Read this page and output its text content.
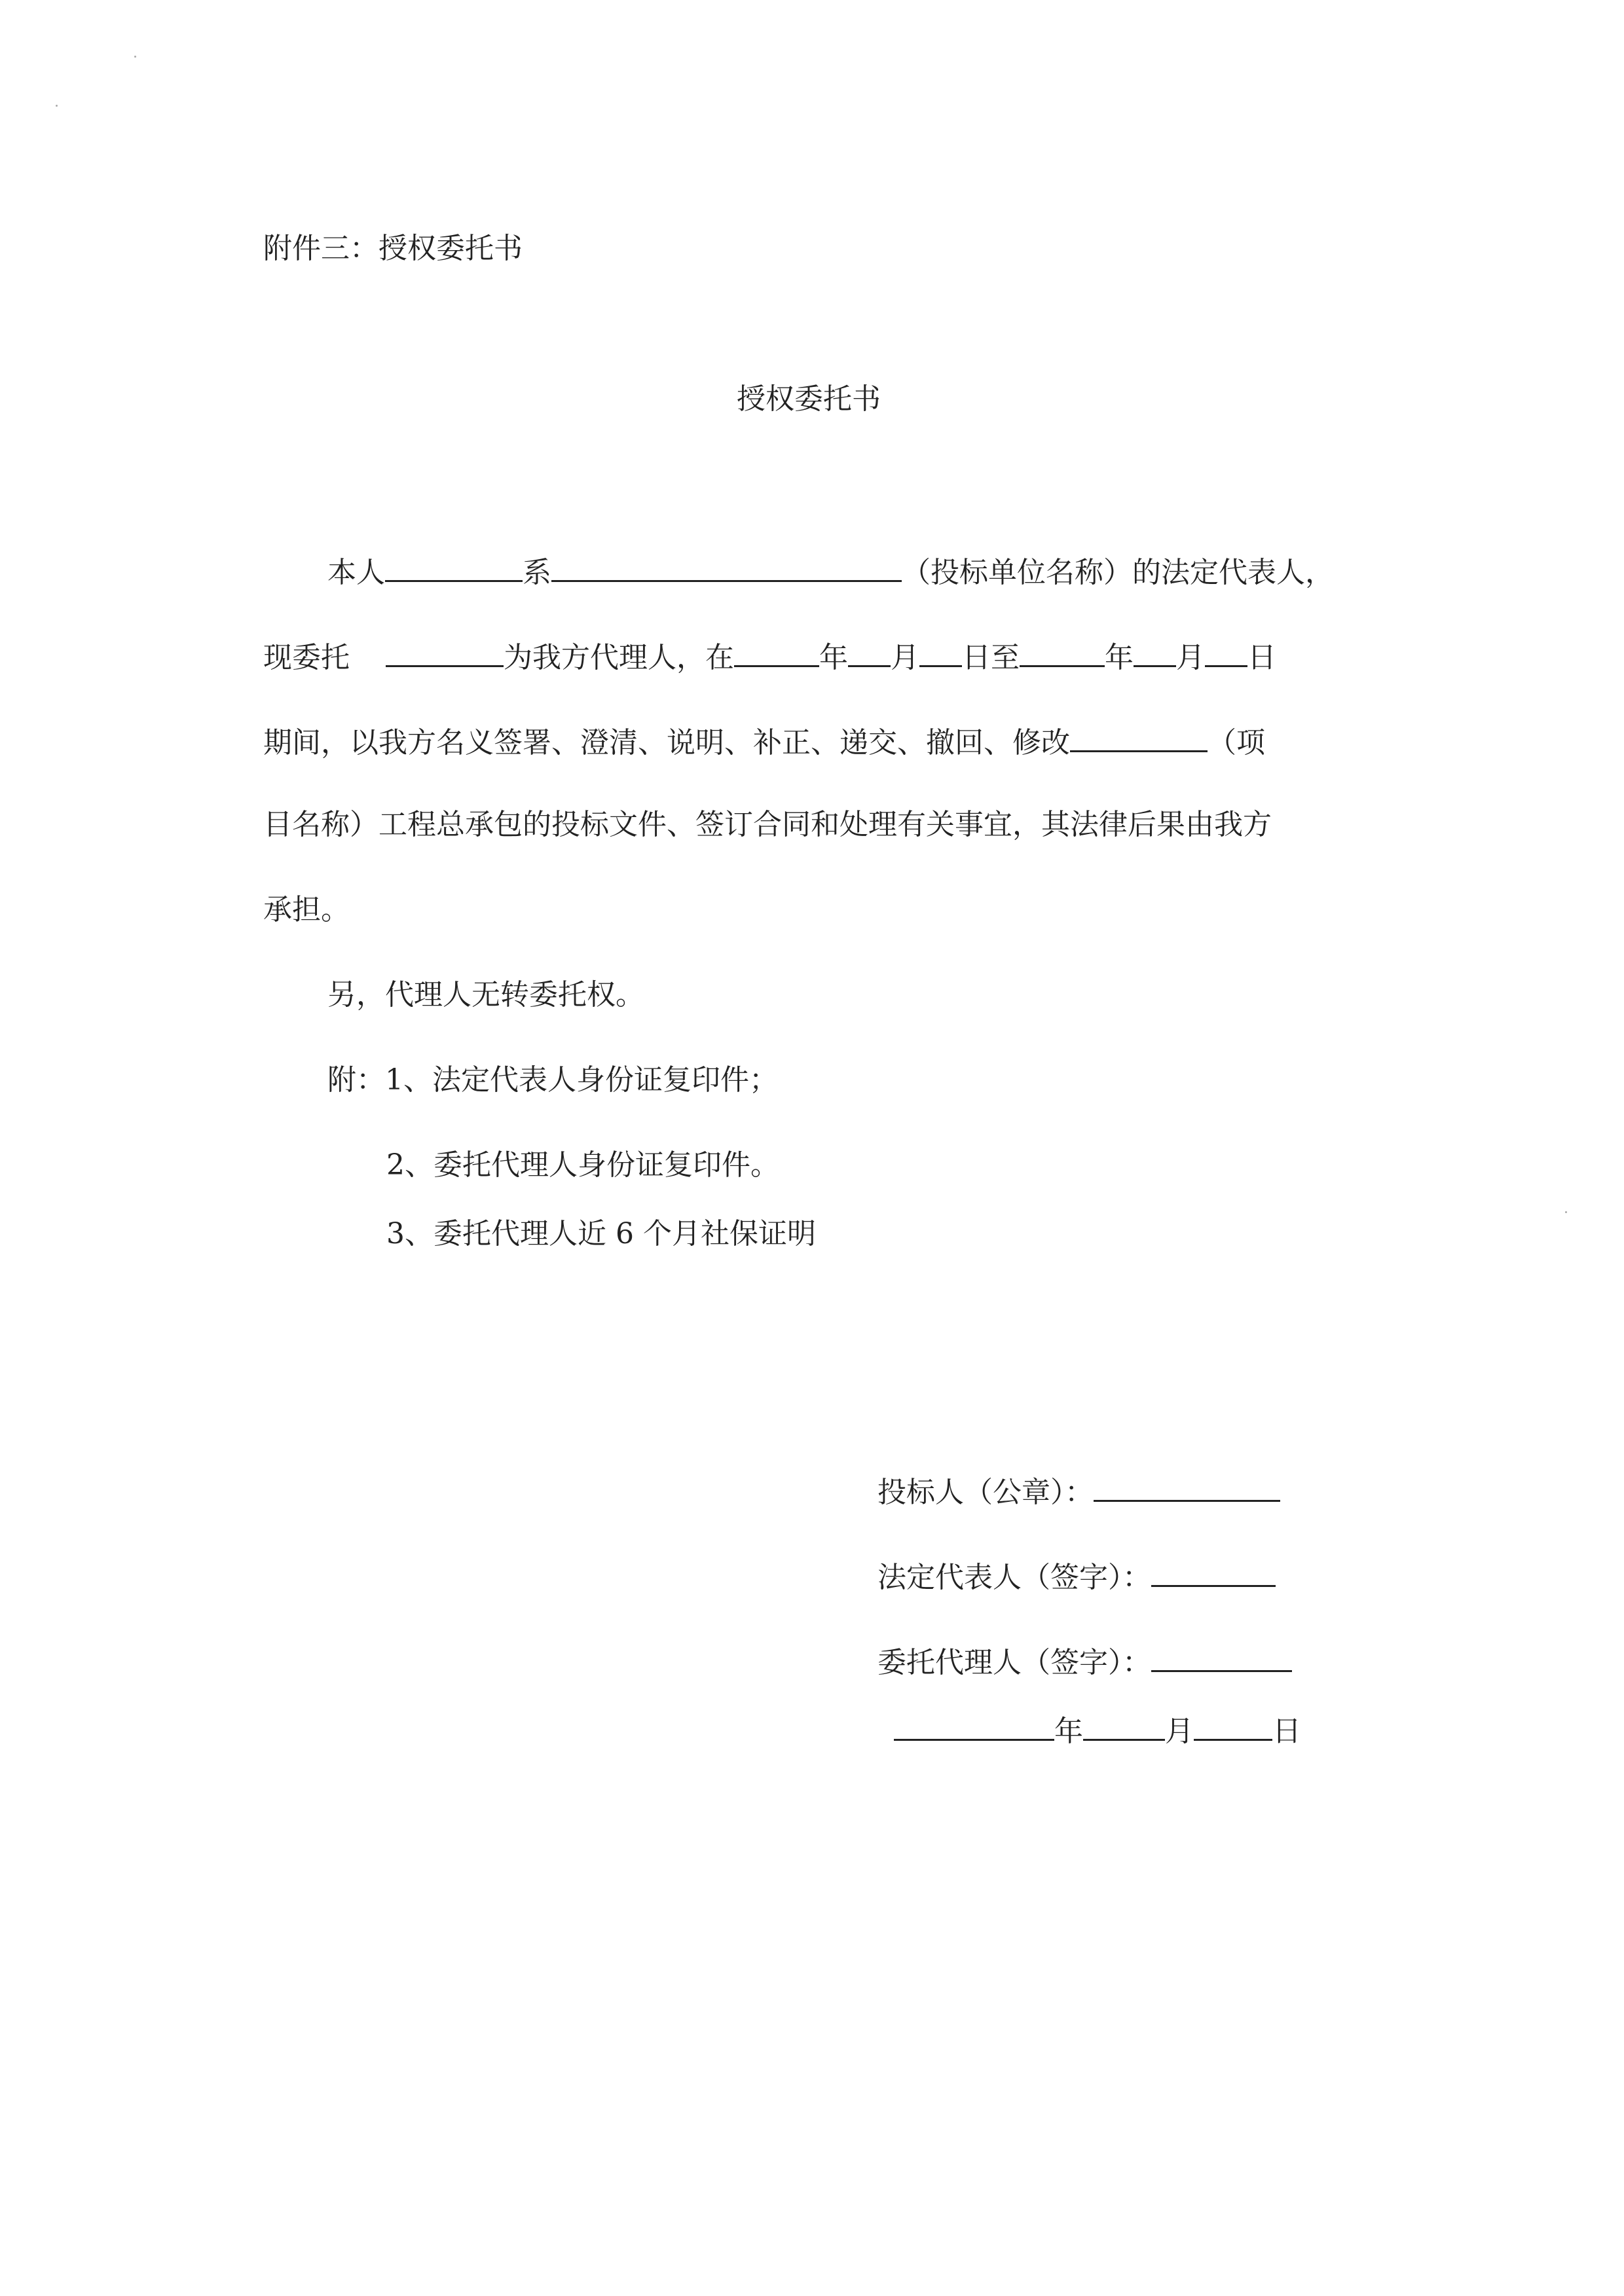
附件三：授权委托书
授权委托书
本人	系	（投标单位名称）的法定代表人，
现委托	为我方代理人，在	年 月 日至	年 月 日
期间，以我方名义签署、澄清、说明、补正、递交、撤回、修改	（项
目名称）工程总承包的投标文件、签订合同和处理有关事宜，其法律后果由我方
承担。
另，代理人无转委托权。
附：1、法定代表人身份证复印件；
2、委托代理人身份证复印件。
3、委托代理人近 6 个月社保证明
投标人（公章）：
法定代表人（签字）：
委托代理人（签字）：
年	月	日
